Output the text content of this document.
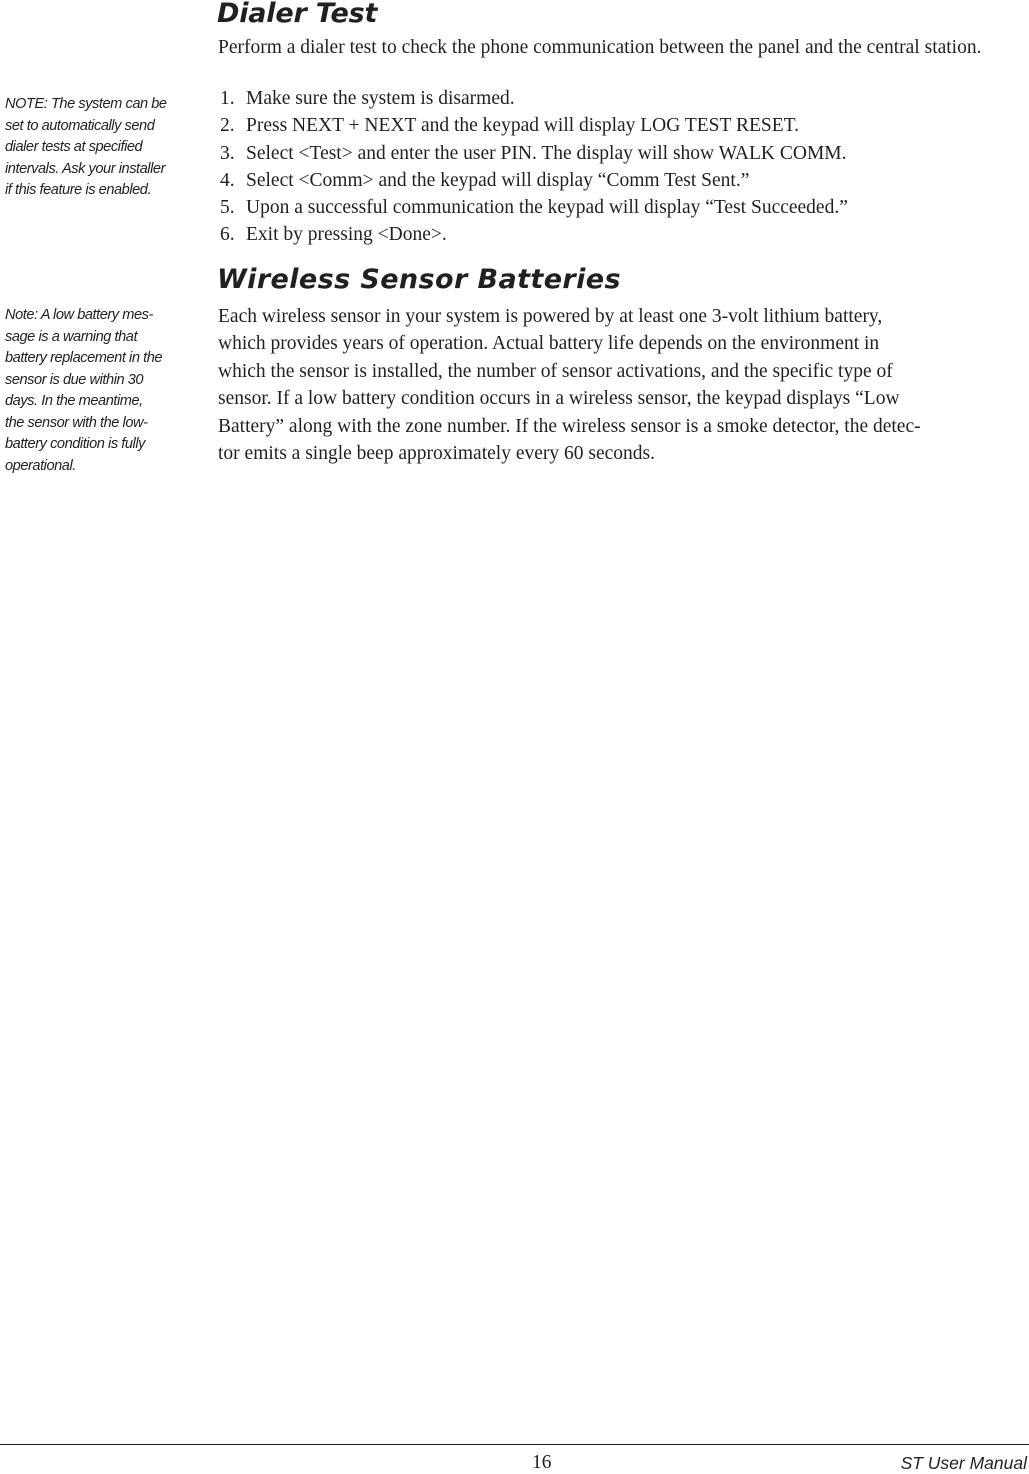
NOTE: The system can be
set to automatically send
dialer tests at specified
intervals. Ask your installer
if this feature is enabled.

Note: A low battery mes-
sage is a warning that
battery replacement in the
sensor is due within 30
days. In the meantime,
the sensor with the low-
battery condition is fully
operational.

Dialer Test

Perform a dialer test to check the phone communication between the panel and the central station.

1. Make sure the system is disarmed.
2. Press NEXT + NEXT and the keypad will display LOG TEST RESET.
3. Select <Test> and enter the user PIN. The display will show WALK COMM.
4. Select <Comm> and the keypad will display “Comm Test Sent.”
5. Upon a successful communication the keypad will display “Test Succeeded.”
6. Exit by pressing <Done>.
Wireless Sensor Batteries

Each wireless sensor in your system is powered by at least one 3-volt lithium battery,
which provides years of operation. Actual battery life depends on the environment in
which the sensor is installed, the number of sensor activations, and the specific type of
sensor. If a low battery condition occurs in a wireless sensor, the keypad displays “Low
Battery” along with the zone number. If the wireless sensor is a smoke detector, the detec-
tor emits a single beep approximately every 60 seconds.

16	ST User Manual
